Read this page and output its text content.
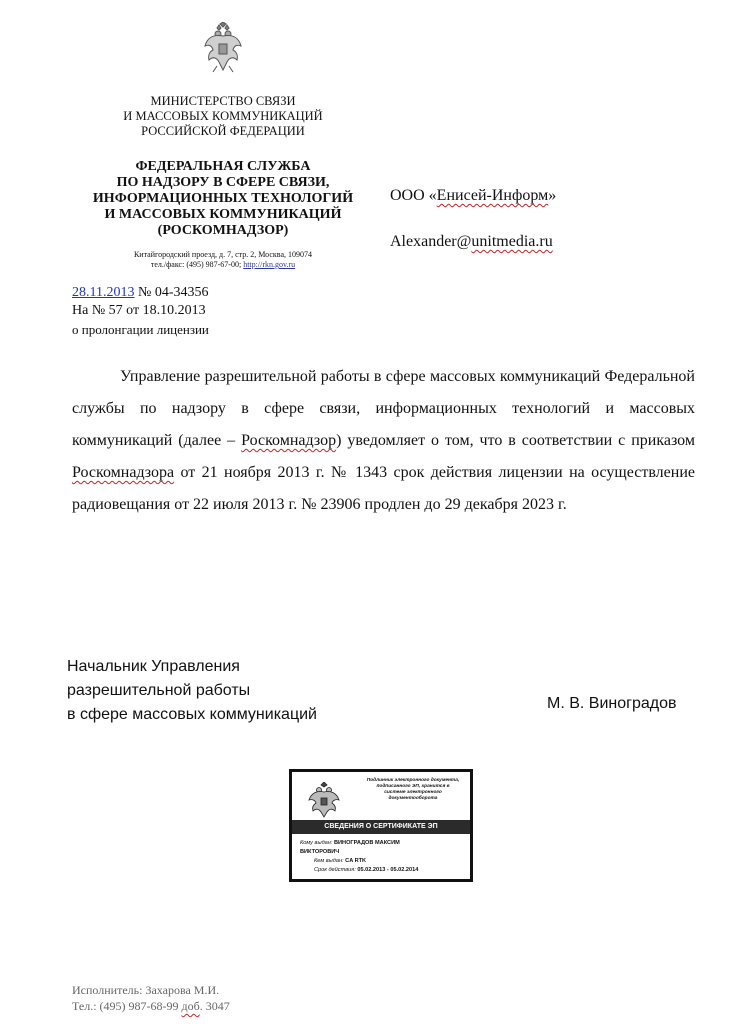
МИНИСТЕРСТВО СВЯЗИ
И МАССОВЫХ КОММУНИКАЦИЙ
РОССИЙСКОЙ ФЕДЕРАЦИИ
ФЕДЕРАЛЬНАЯ СЛУЖБА
ПО НАДЗОРУ В СФЕРЕ СВЯЗИ,
ИНФОРМАЦИОННЫХ ТЕХНОЛОГИЙ
И МАССОВЫХ КОММУНИКАЦИЙ
(РОСКОМНАДЗОР)
Китайгородский проезд, д. 7, стр. 2, Москва, 109074
тел./факс: (495) 987-67-00; http://rkn.gov.ru
ООО «Енисей-Информ»
Alexander@unitmedia.ru
28.11.2013 № 04-34356
На № 57 от 18.10.2013
о пролонгации лицензии
Управление разрешительной работы в сфере массовых коммуникаций Федеральной службы по надзору в сфере связи, информационных технологий и массовых коммуникаций (далее – Роскомнадзор) уведомляет о том, что в соответствии с приказом Роскомнадзора от 21 ноября 2013 г. № 1343 срок действия лицензии на осуществление радиовещания от 22 июля 2013 г. № 23906 продлен до 29 декабря 2023 г.
Начальник Управления
разрешительной работы
в сфере массовых коммуникаций
М. В. Виноградов
Подлинник электронного документа,
подписанного ЭП, хранится в
системе электронного
документооборота
СВЕДЕНИЯ О СЕРТИФИКАТЕ ЭП
Кому выдан: ВИНОГРАДОВ МАКСИМ
ВИКТОРОВИЧ
Кем выдан: CA RTK
Срок действия: 05.02.2013 - 05.02.2014
Исполнитель: Захарова М.И.
Тел.: (495) 987-68-99 доб. 3047
